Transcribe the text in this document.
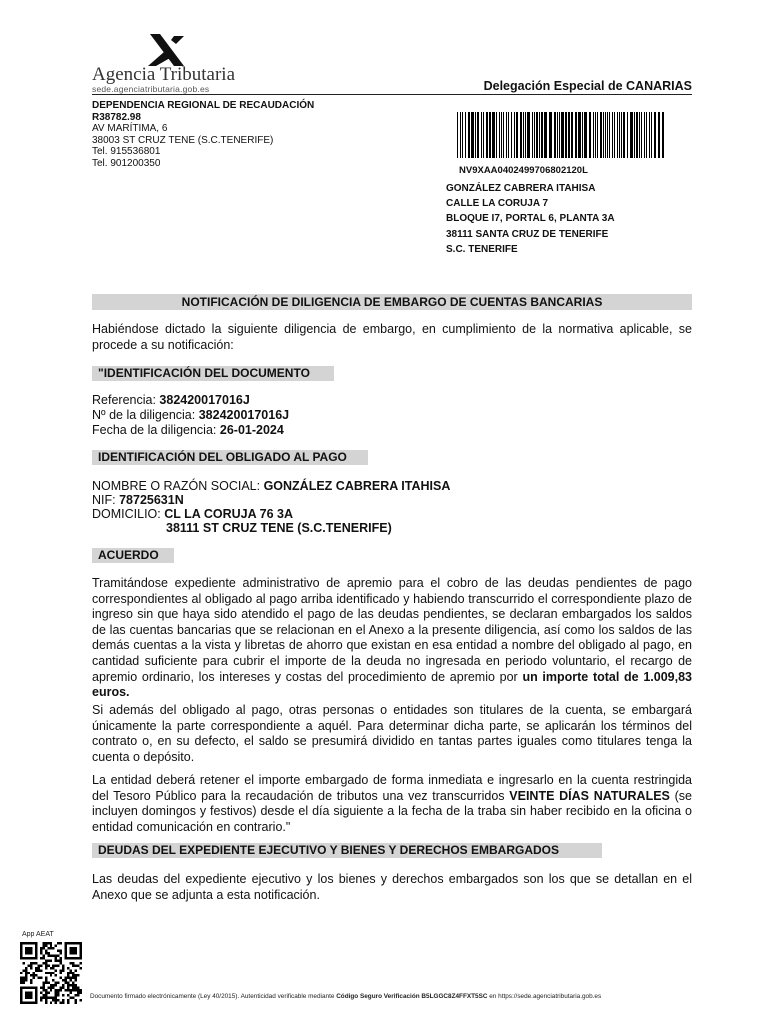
Agencia Tributaria
sede.agenciatributaria.gob.es	Delegación Especial de CANARIAS
DEPENDENCIA REGIONAL DE RECAUDACIÓN
R38782.98
AV MARÍTIMA, 6
38003 ST CRUZ TENE (S.C.TENERIFE)
Tel. 915536801
Tel. 901200350
NV9XAA0402499706802120L
GONZÁLEZ CABRERA ITAHISA
CALLE LA CORUJA 7
BLOQUE I7, PORTAL 6, PLANTA 3A
38111 SANTA CRUZ DE TENERIFE
S.C. TENERIFE
NOTIFICACIÓN DE DILIGENCIA DE EMBARGO DE CUENTAS BANCARIAS
Habiéndose dictado la siguiente diligencia de embargo, en cumplimiento de la normativa aplicable, se procede a su notificación:
"IDENTIFICACIÓN DEL DOCUMENTO
Referencia: 382420017016J
Nº de la diligencia: 382420017016J
Fecha de la diligencia: 26-01-2024
IDENTIFICACIÓN DEL OBLIGADO AL PAGO
NOMBRE O RAZÓN SOCIAL: GONZÁLEZ CABRERA ITAHISA
NIF: 78725631N
DOMICILIO: CL LA CORUJA 76 3A
38111 ST CRUZ TENE (S.C.TENERIFE)
ACUERDO
Tramitándose expediente administrativo de apremio para el cobro de las deudas pendientes de pago correspondientes al obligado al pago arriba identificado y habiendo transcurrido el correspondiente plazo de ingreso sin que haya sido atendido el pago de las deudas pendientes, se declaran embargados los saldos de las cuentas bancarias que se relacionan en el Anexo a la presente diligencia, así como los saldos de las demás cuentas a la vista y libretas de ahorro que existan en esa entidad a nombre del obligado al pago, en cantidad suficiente para cubrir el importe de la deuda no ingresada en periodo voluntario, el recargo de apremio ordinario, los intereses y costas del procedimiento de apremio por un importe total de 1.009,83 euros.
Si además del obligado al pago, otras personas o entidades son titulares de la cuenta, se embargará únicamente la parte correspondiente a aquél. Para determinar dicha parte, se aplicarán los términos del contrato o, en su defecto, el saldo se presumirá dividido en tantas partes iguales como titulares tenga la cuenta o depósito.
La entidad deberá retener el importe embargado de forma inmediata e ingresarlo en la cuenta restringida del Tesoro Público para la recaudación de tributos una vez transcurridos VEINTE DÍAS NATURALES (se incluyen domingos y festivos) desde el día siguiente a la fecha de la traba sin haber recibido en la oficina o entidad comunicación en contrario."
DEUDAS DEL EXPEDIENTE EJECUTIVO Y BIENES Y DERECHOS EMBARGADOS
Las deudas del expediente ejecutivo y los bienes y derechos embargados son los que se detallan en el Anexo que se adjunta a esta notificación.
App AEAT
Documento firmado electrónicamente (Ley 40/2015). Autenticidad verificable mediante Código Seguro Verificación B5LGGC8Z4FFXT5SC en https://sede.agenciatributaria.gob.es
